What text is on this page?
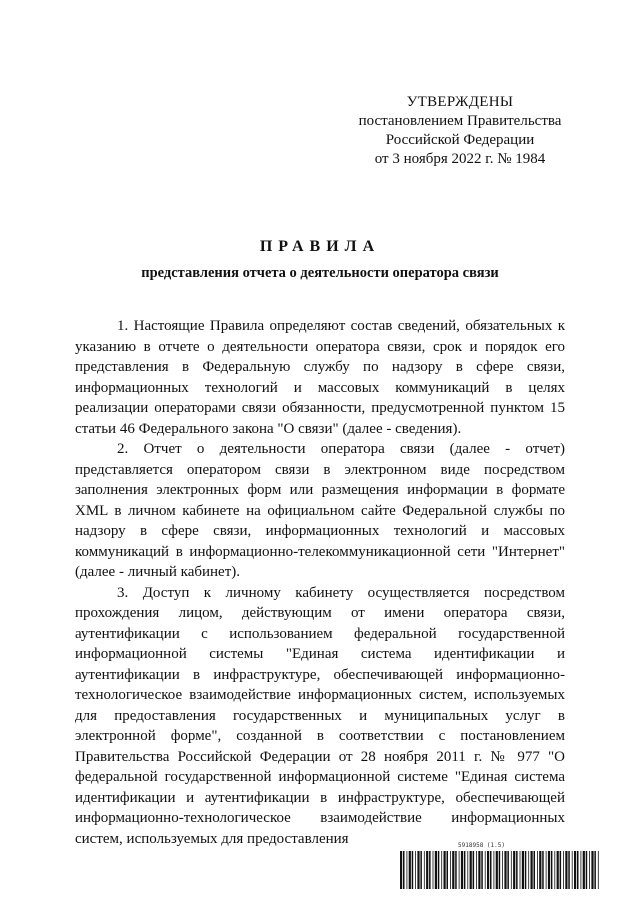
УТВЕРЖДЕНЫ
постановлением Правительства
Российской Федерации
от 3 ноября 2022 г. № 1984
ПРАВИЛА
представления отчета о деятельности оператора связи

1. Настоящие Правила определяют состав сведений, обязательных к указанию в отчете о деятельности оператора связи, срок и порядок его представления в Федеральную службу по надзору в сфере связи, информационных технологий и массовых коммуникаций в целях реализации операторами связи обязанности, предусмотренной пунктом 15 статьи 46 Федерального закона "О связи" (далее - сведения).

2. Отчет о деятельности оператора связи (далее - отчет) представляется оператором связи в электронном виде посредством заполнения электронных форм или размещения информации в формате XML в личном кабинете на официальном сайте Федеральной службы по надзору в сфере связи, информационных технологий и массовых коммуникаций в информационно-телекоммуникационной сети "Интернет" (далее - личный кабинет).

3. Доступ к личному кабинету осуществляется посредством прохождения лицом, действующим от имени оператора связи, аутентификации с использованием федеральной государственной информационной системы "Единая система идентификации и аутентификации в инфраструктуре, обеспечивающей информационно-технологическое взаимодействие информационных систем, используемых для предоставления государственных и муниципальных услуг в электронной форме", созданной в соответствии с постановлением Правительства Российской Федерации от 28 ноября 2011 г. № 977 "О федеральной государственной информационной системе "Единая система идентификации и аутентификации в инфраструктуре, обеспечивающей информационно-технологическое взаимодействие информационных систем, используемых для предоставления	5918958 (1.5)
